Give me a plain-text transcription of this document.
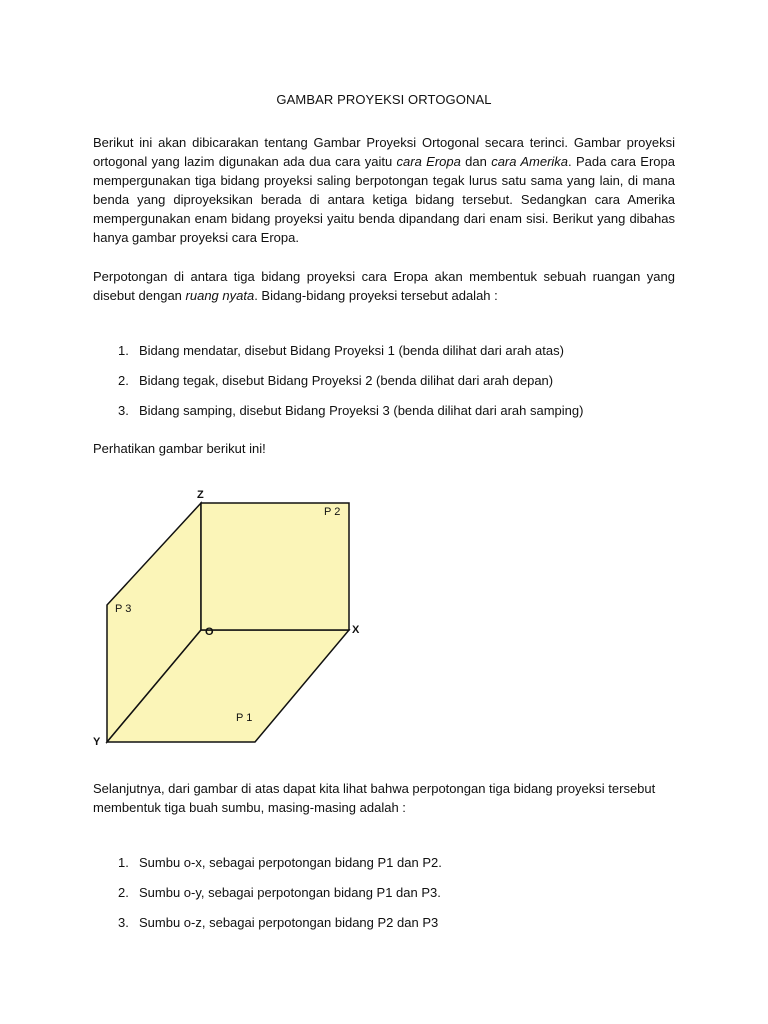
GAMBAR PROYEKSI ORTOGONAL

Berikut ini akan dibicarakan tentang Gambar Proyeksi Ortogonal secara terinci. Gambar proyeksi ortogonal yang lazim digunakan ada dua cara yaitu cara Eropa dan cara Amerika. Pada cara Eropa mempergunakan tiga bidang proyeksi saling berpotongan tegak lurus satu sama yang lain, di mana benda yang diproyeksikan berada di antara ketiga bidang tersebut. Sedangkan cara Amerika mempergunakan enam bidang proyeksi yaitu benda dipandang dari enam sisi. Berikut yang dibahas hanya gambar proyeksi cara Eropa.

Perpotongan di antara tiga bidang proyeksi cara Eropa akan membentuk sebuah ruangan yang disebut dengan ruang nyata. Bidang-bidang proyeksi tersebut adalah :

1. Bidang mendatar, disebut Bidang Proyeksi 1 (benda dilihat dari arah atas)
2. Bidang tegak, disebut Bidang Proyeksi 2 (benda dilihat dari arah depan)
3. Bidang samping, disebut Bidang Proyeksi 3 (benda dilihat dari arah samping)
Perhatikan gambar berikut ini!
Z
X
Y
O
P 2
P 3
P 1

Selanjutnya, dari gambar di atas dapat kita lihat bahwa perpotongan tiga bidang proyeksi tersebut membentuk tiga buah sumbu, masing-masing adalah :

1. Sumbu o-x, sebagai perpotongan bidang P1 dan P2.
2. Sumbu o-y, sebagai perpotongan bidang P1 dan P3.
3. Sumbu o-z, sebagai perpotongan bidang P2 dan P3
